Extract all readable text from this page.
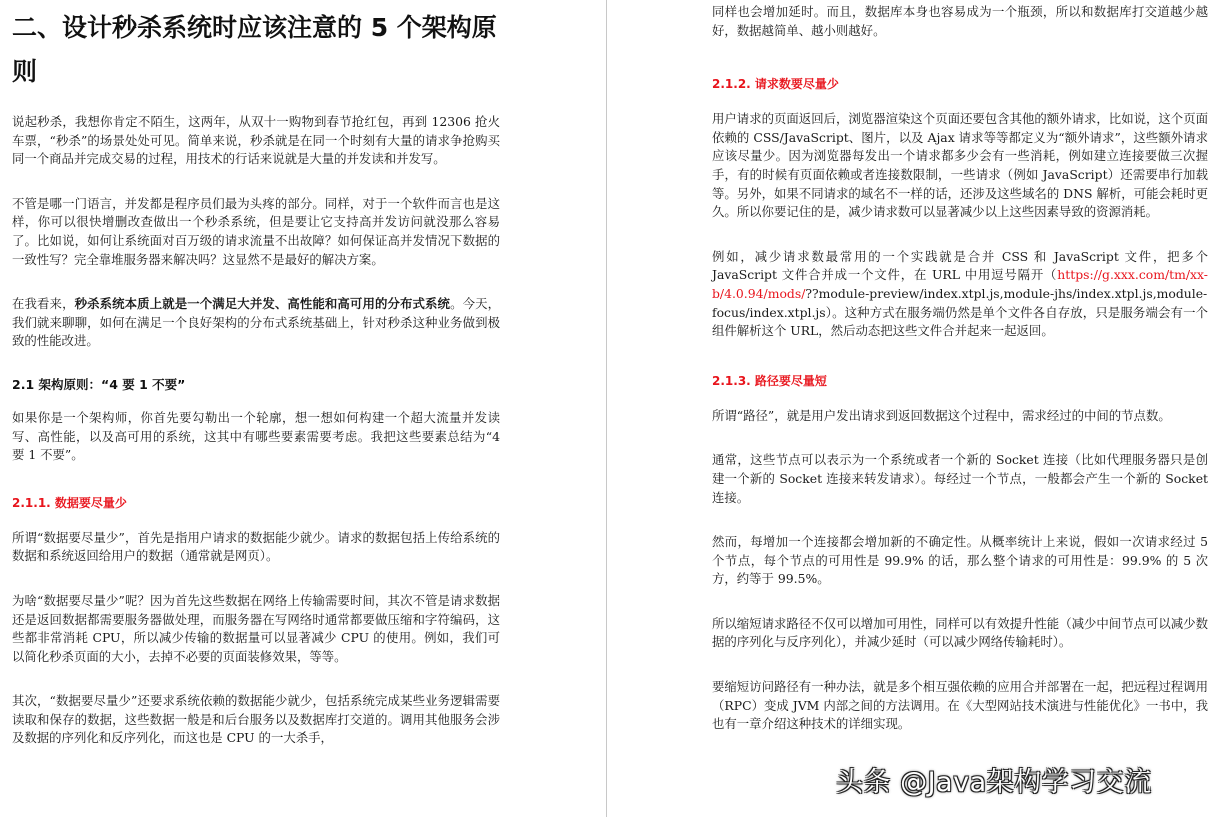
二、设计秒杀系统时应该注意的 5 个架构原则

说起秒杀，我想你肯定不陌生，这两年，从双十一购物到春节抢红包，再到 12306 抢火车票，“秒杀”的场景处处可见。简单来说，秒杀就是在同一个时刻有大量的请求争抢购买同一个商品并完成交易的过程，用技术的行话来说就是大量的并发读和并发写。

不管是哪一门语言，并发都是程序员们最为头疼的部分。同样，对于一个软件而言也是这样，你可以很快增删改查做出一个秒杀系统，但是要让它支持高并发访问就没那么容易了。比如说，如何让系统面对百万级的请求流量不出故障？如何保证高并发情况下数据的一致性写？完全靠堆服务器来解决吗？这显然不是最好的解决方案。

在我看来，秒杀系统本质上就是一个满足大并发、高性能和高可用的分布式系统。今天，我们就来聊聊，如何在满足一个良好架构的分布式系统基础上，针对秒杀这种业务做到极致的性能改进。

2.1 架构原则：“4 要 1 不要”

如果你是一个架构师，你首先要勾勒出一个轮廓，想一想如何构建一个超大流量并发读写、高性能，以及高可用的系统，这其中有哪些要素需要考虑。我把这些要素总结为“4 要 1 不要”。

2.1.1. 数据要尽量少

所谓“数据要尽量少”，首先是指用户请求的数据能少就少。请求的数据包括上传给系统的数据和系统返回给用户的数据（通常就是网页）。

为啥“数据要尽量少”呢？因为首先这些数据在网络上传输需要时间，其次不管是请求数据还是返回数据都需要服务器做处理，而服务器在写网络时通常都要做压缩和字符编码，这些都非常消耗 CPU，所以减少传输的数据量可以显著减少 CPU 的使用。例如，我们可以简化秒杀页面的大小，去掉不必要的页面装修效果，等等。

其次，“数据要尽量少”还要求系统依赖的数据能少就少，包括系统完成某些业务逻辑需要读取和保存的数据，这些数据一般是和后台服务以及数据库打交道的。调用其他服务会涉及数据的序列化和反序列化，而这也是 CPU 的一大杀手，

同样也会增加延时。而且，数据库本身也容易成为一个瓶颈，所以和数据库打交道越少越好，数据越简单、越小则越好。

2.1.2. 请求数要尽量少

用户请求的页面返回后，浏览器渲染这个页面还要包含其他的额外请求，比如说，这个页面依赖的 CSS/JavaScript、图片，以及 Ajax 请求等等都定义为“额外请求”，这些额外请求应该尽量少。因为浏览器每发出一个请求都多少会有一些消耗，例如建立连接要做三次握手，有的时候有页面依赖或者连接数限制，一些请求（例如 JavaScript）还需要串行加载等。另外，如果不同请求的域名不一样的话，还涉及这些域名的 DNS 解析，可能会耗时更久。所以你要记住的是，减少请求数可以显著减少以上这些因素导致的资源消耗。

例如，减少请求数最常用的一个实践就是合并 CSS 和 JavaScript 文件，把多个 JavaScript 文件合并成一个文件，在 URL 中用逗号隔开（https://g.xxx.com/tm/xx-b/4.0.94/mods/??module-preview/index.xtpl.js,module-jhs/index.xtpl.js,module-focus/index.xtpl.js）。这种方式在服务端仍然是单个文件各自存放，只是服务端会有一个组件解析这个 URL，然后动态把这些文件合并起来一起返回。

2.1.3. 路径要尽量短

所谓“路径”，就是用户发出请求到返回数据这个过程中，需求经过的中间的节点数。

通常，这些节点可以表示为一个系统或者一个新的 Socket 连接（比如代理服务器只是创建一个新的 Socket 连接来转发请求）。每经过一个节点，一般都会产生一个新的 Socket 连接。

然而，每增加一个连接都会增加新的不确定性。从概率统计上来说，假如一次请求经过 5 个节点，每个节点的可用性是 99.9% 的话，那么整个请求的可用性是：99.9% 的 5 次方，约等于 99.5%。

所以缩短请求路径不仅可以增加可用性，同样可以有效提升性能（减少中间节点可以减少数据的序列化与反序列化），并减少延时（可以减少网络传输耗时）。

要缩短访问路径有一种办法，就是多个相互强依赖的应用合并部署在一起，把远程过程调用（RPC）变成 JVM 内部之间的方法调用。在《大型网站技术演进与性能优化》一书中，我也有一章介绍这种技术的详细实现。

头条 @Java架构学习交流
